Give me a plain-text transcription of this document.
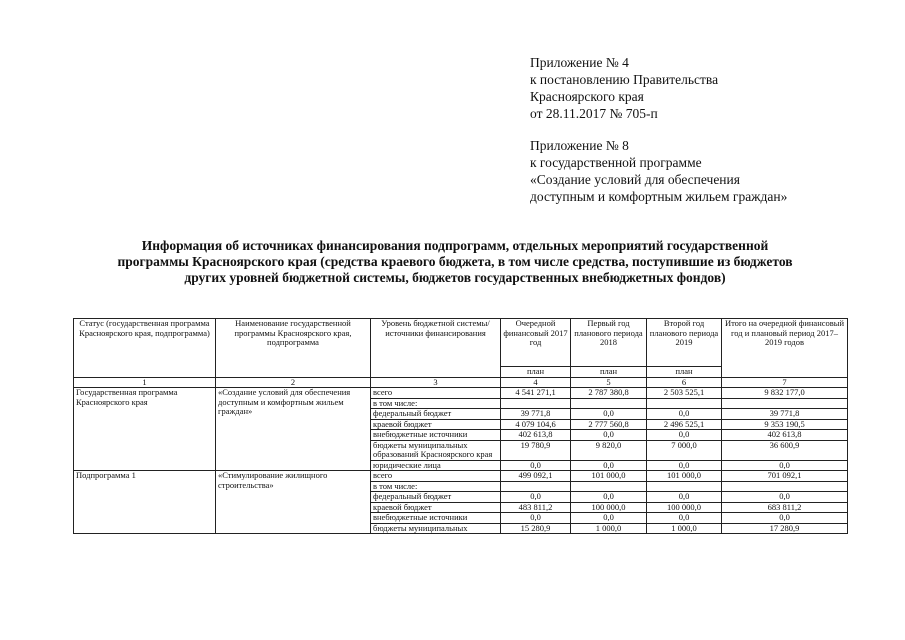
Приложение № 4
к постановлению Правительства
Красноярского края
от 28.11.2017 № 705-п
Приложение № 8
к государственной программе
«Создание условий для обеспечения
доступным и комфортным жильем граждан»
Информация об источниках финансирования подпрограмм, отдельных мероприятий государственной
программы Красноярского края (средства краевого бюджета, в том числе средства, поступившие из бюджетов
других уровней бюджетной системы, бюджетов государственных внебюджетных фондов)
Статус (государственная программа Красноярского края, подпрограмма)	Наименование государственной программы Красноярского края, подпрограмма	Уровень бюджетной системы/ источники финансирования	Очередной финансовый 2017 год	Первый год планового периода 2018	Второй год планового периода 2019	Итого на очередной финансовый год и плановый период 2017–2019 годов
			план	план	план	
1	2	3	4	5	6	7
Государственная программа Красноярского края	«Создание условий для обеспечения доступным и комфортным жильем граждан»	всего	4 541 271,1	2 787 380,8	2 503 525,1	9 832 177,0
		в том числе:				
		федеральный бюджет	39 771,8	0,0	0,0	39 771,8
		краевой бюджет	4 079 104,6	2 777 560,8	2 496 525,1	9 353 190,5
		внебюджетные источники	402 613,8	0,0	0,0	402 613,8
		бюджеты муниципальных образований Красноярского края	19 780,9	9 820,0	7 000,0	36 600,9
		юридические лица	0,0	0,0	0,0	0,0
Подпрограмма 1	«Стимулирование жилищного строительства»	всего	499 092,1	101 000,0	101 000,0	701 092,1
		в том числе:				
		федеральный бюджет	0,0	0,0	0,0	0,0
		краевой бюджет	483 811,2	100 000,0	100 000,0	683 811,2
		внебюджетные источники	0,0	0,0	0,0	0,0
		бюджеты муниципальных	15 280,9	1 000,0	1 000,0	17 280,9
